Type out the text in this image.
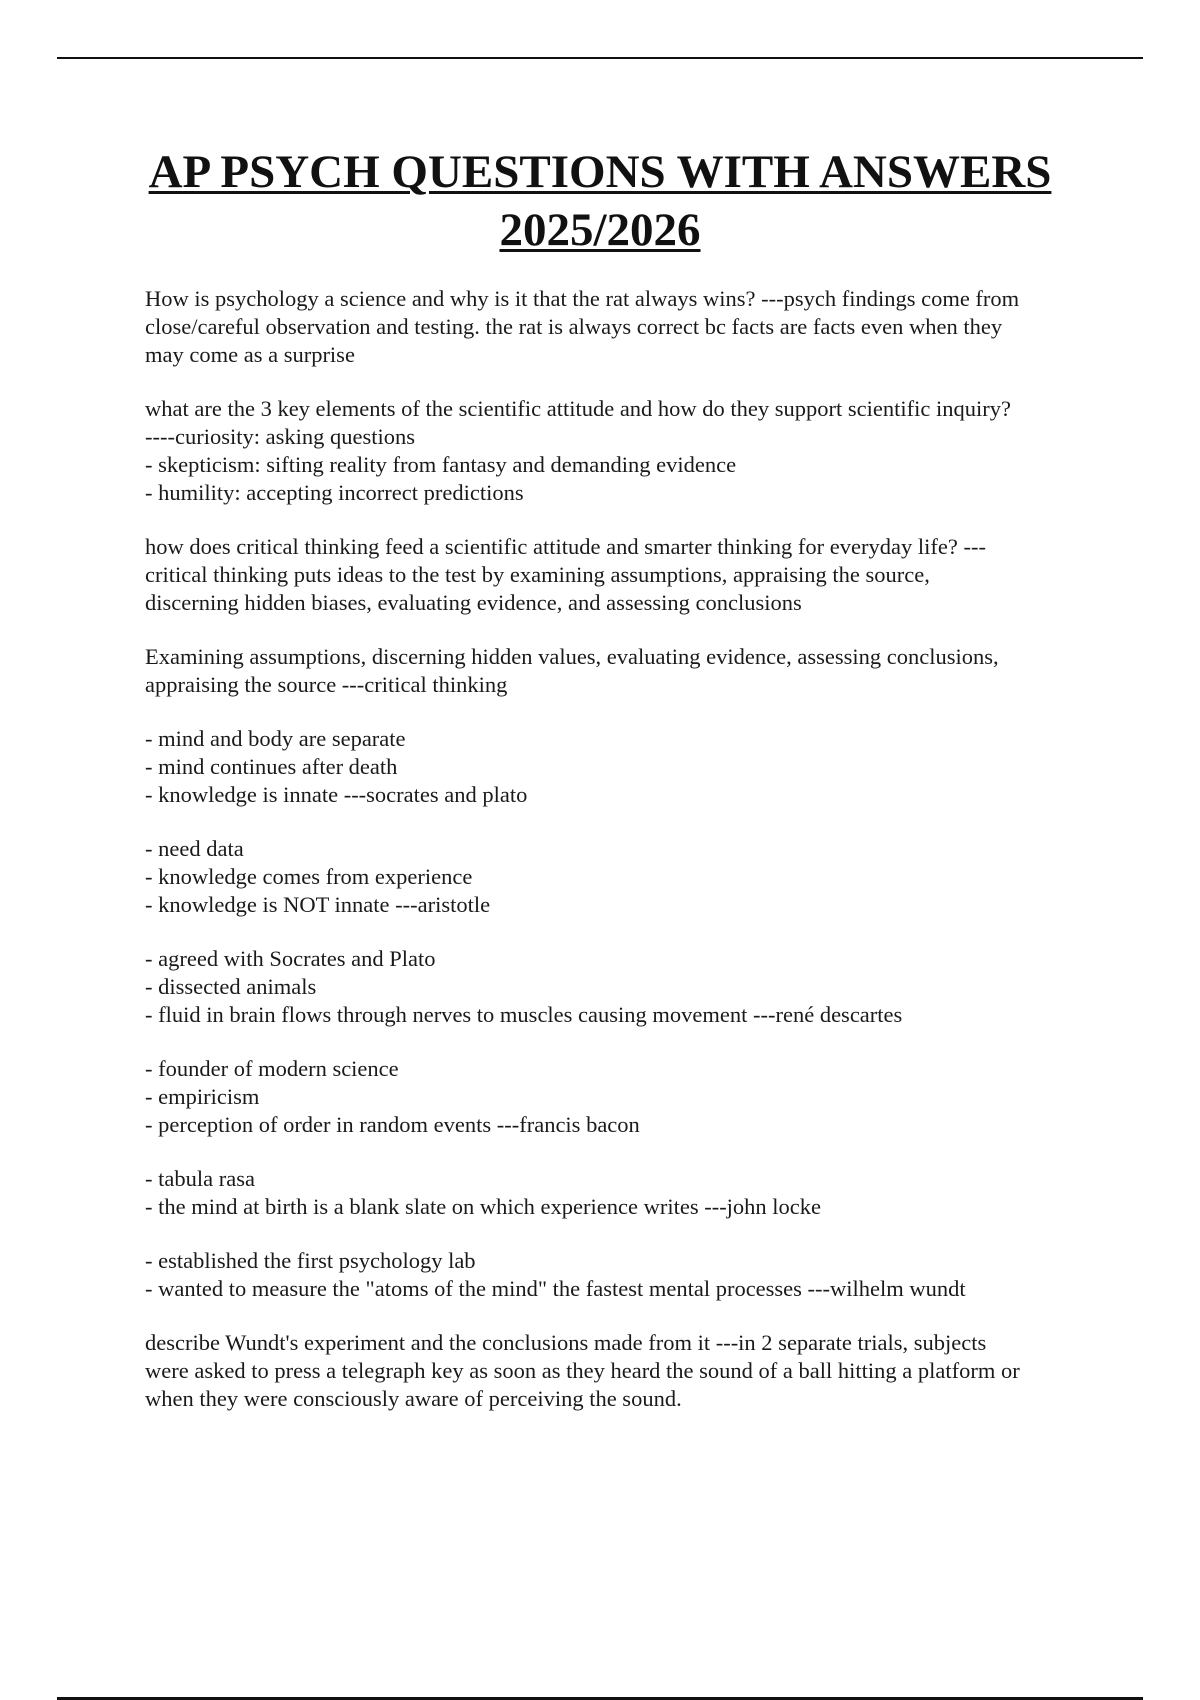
AP PSYCH QUESTIONS WITH ANSWERS
2025/2026

How is psychology a science and why is it that the rat always wins? ---psych findings come from
close/careful observation and testing. the rat is always correct bc facts are facts even when they
may come as a surprise

what are the 3 key elements of the scientific attitude and how do they support scientific inquiry?
----curiosity: asking questions
- skepticism: sifting reality from fantasy and demanding evidence
- humility: accepting incorrect predictions

how does critical thinking feed a scientific attitude and smarter thinking for everyday life? ---
critical thinking puts ideas to the test by examining assumptions, appraising the source,
discerning hidden biases, evaluating evidence, and assessing conclusions

Examining assumptions, discerning hidden values, evaluating evidence, assessing conclusions,
appraising the source ---critical thinking

- mind and body are separate
- mind continues after death
- knowledge is innate ---socrates and plato

- need data
- knowledge comes from experience
- knowledge is NOT innate ---aristotle

- agreed with Socrates and Plato
- dissected animals
- fluid in brain flows through nerves to muscles causing movement ---rené descartes

- founder of modern science
- empiricism
- perception of order in random events ---francis bacon

- tabula rasa
- the mind at birth is a blank slate on which experience writes ---john locke

- established the first psychology lab
- wanted to measure the "atoms of the mind" the fastest mental processes ---wilhelm wundt

describe Wundt's experiment and the conclusions made from it ---in 2 separate trials, subjects
were asked to press a telegraph key as soon as they heard the sound of a ball hitting a platform or
when they were consciously aware of perceiving the sound.
